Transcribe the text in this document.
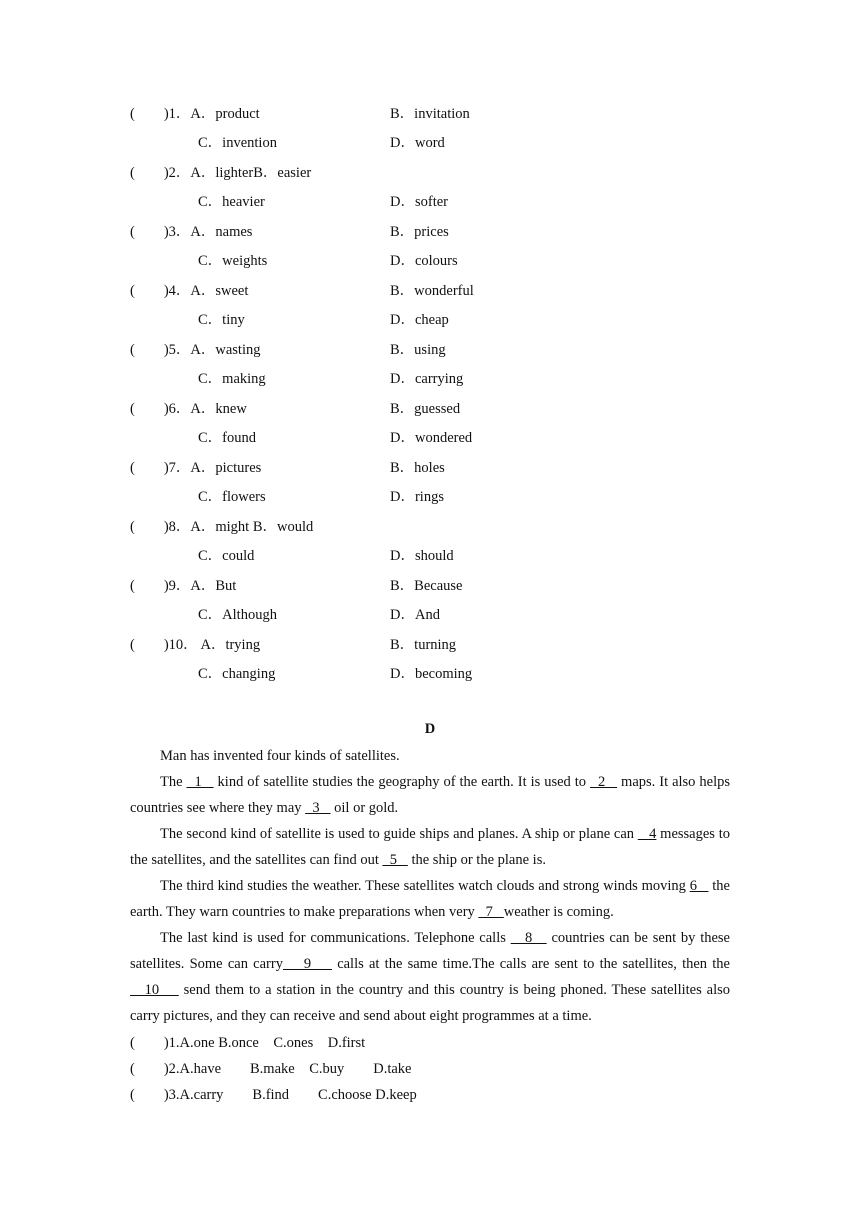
(　　)1．A．product	B．invitation
C．invention	D．word
(　　)2．A．lighterB．easier
C．heavier	D．softer
(　　)3．A．names	B．prices
C．weights	D．colours
(　　)4．A．sweet	B．wonderful
C．tiny	D．cheap
(　　)5．A．wasting	B．using
C．making	D．carrying
(　　)6．A．knew	B．guessed
C．found	D．wondered
(　　)7．A．pictures	B．holes
C．flowers	D．rings
(　　)8．A．might B．would
C．could	D．should
(　　)9．A．But	B．Because
C．Although	D．And
(　　)10． A．trying	B．turning
C．changing	D．becoming
D
Man has invented four kinds of satellites.
The   1    kind of satellite studies the geography of the earth. It is used to   2    maps. It also helps countries see where they may   3    oil or gold.
The second kind of satellite is used to guide ships and planes. A ship or plane can    4 messages to the satellites, and the satellites can find out   5    the ship or the plane is.
The third kind studies the weather. These satellites watch clouds and strong winds moving 6    the earth. They warn countries to make preparations when very   7   weather is coming.
The last kind is used for communications. Telephone calls    8    countries can be sent by these satellites. Some can carry    9     calls at the same time.The calls are sent to the satellites, then the    10     send them to a station in the country and this country is being phoned. These satellites also carry pictures, and they can receive and send about eight programmes at a time.
(　　)1.A.one B.once　C.ones　D.first
(　　)2.A.have　　B.make　C.buy　　D.take
(　　)3.A.carry　　B.find　　C.choose D.keep
